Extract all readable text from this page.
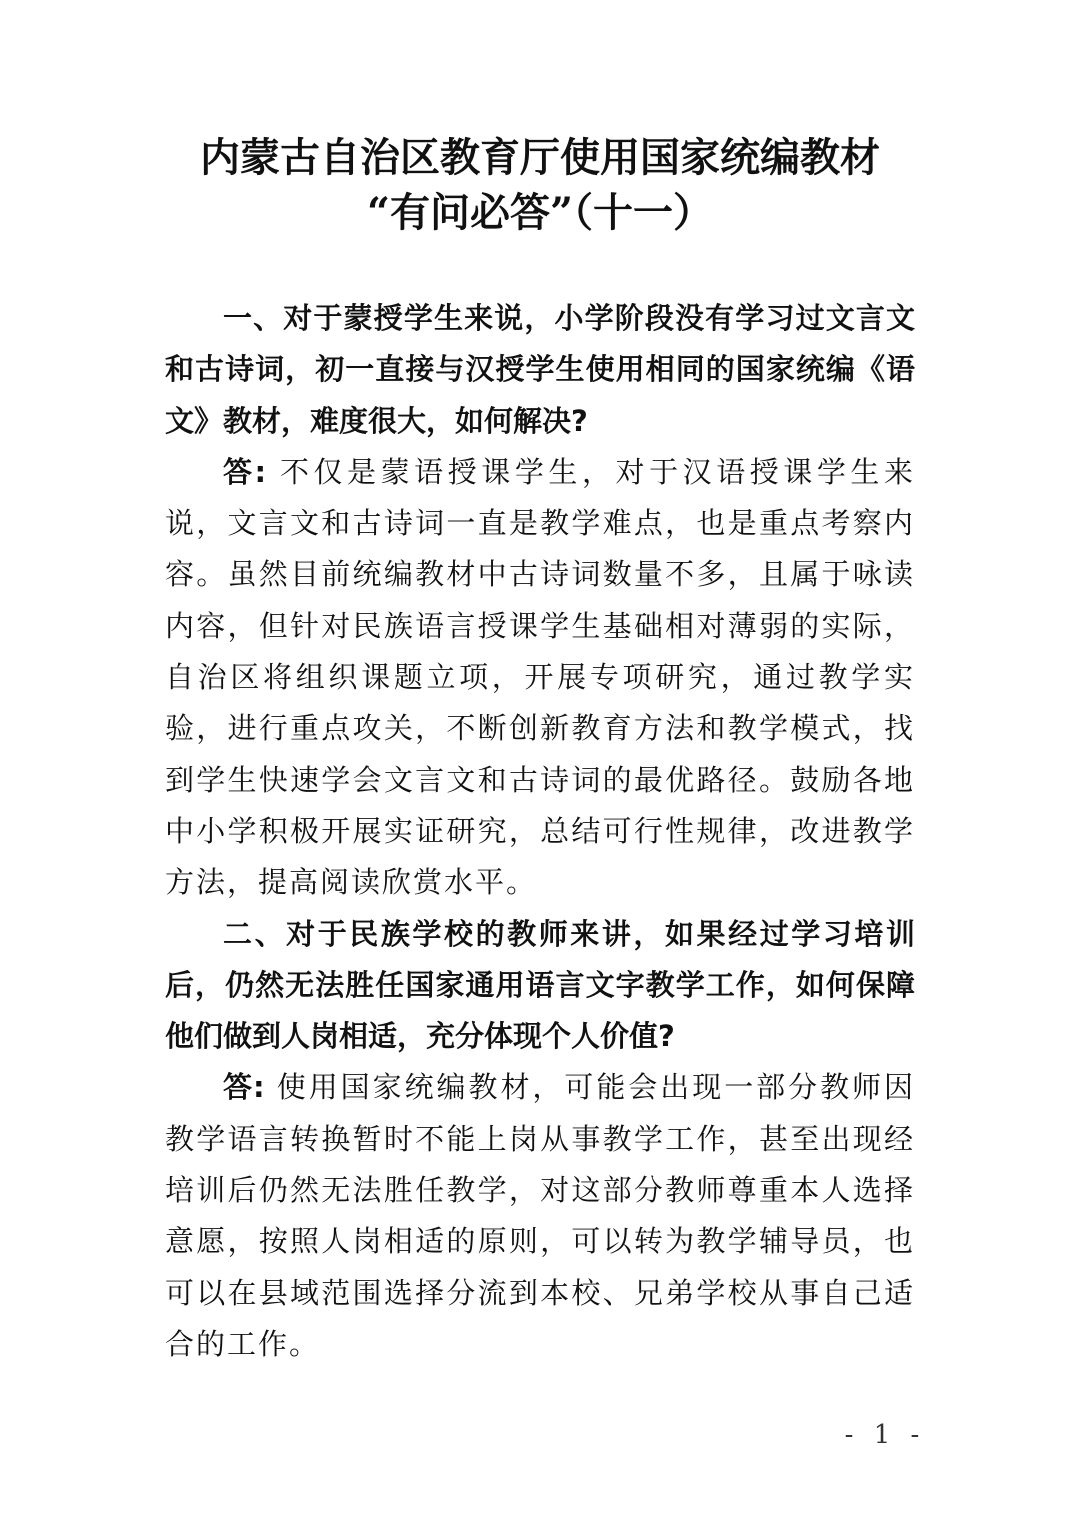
内蒙古自治区教育厅使用国家统编教材
“有问必答”（十一）

一、对于蒙授学生来说，小学阶段没有学习过文言文和古诗词，初一直接与汉授学生使用相同的国家统编《语文》教材，难度很大，如何解决?

答: 不仅是蒙语授课学生，对于汉语授课学生来说，文言文和古诗词一直是教学难点，也是重点考察内容。虽然目前统编教材中古诗词数量不多，且属于咏读内容，但针对民族语言授课学生基础相对薄弱的实际，自治区将组织课题立项，开展专项研究，通过教学实验，进行重点攻关，不断创新教育方法和教学模式，找到学生快速学会文言文和古诗词的最优路径。鼓励各地中小学积极开展实证研究，总结可行性规律，改进教学方法，提高阅读欣赏水平。

二、对于民族学校的教师来讲，如果经过学习培训后，仍然无法胜任国家通用语言文字教学工作，如何保障他们做到人岗相适，充分体现个人价值?

答: 使用国家统编教材，可能会出现一部分教师因教学语言转换暂时不能上岗从事教学工作，甚至出现经培训后仍然无法胜任教学，对这部分教师尊重本人选择意愿，按照人岗相适的原则，可以转为教学辅导员，也可以在县域范围选择分流到本校、兄弟学校从事自己适合的工作。

- 1 -
